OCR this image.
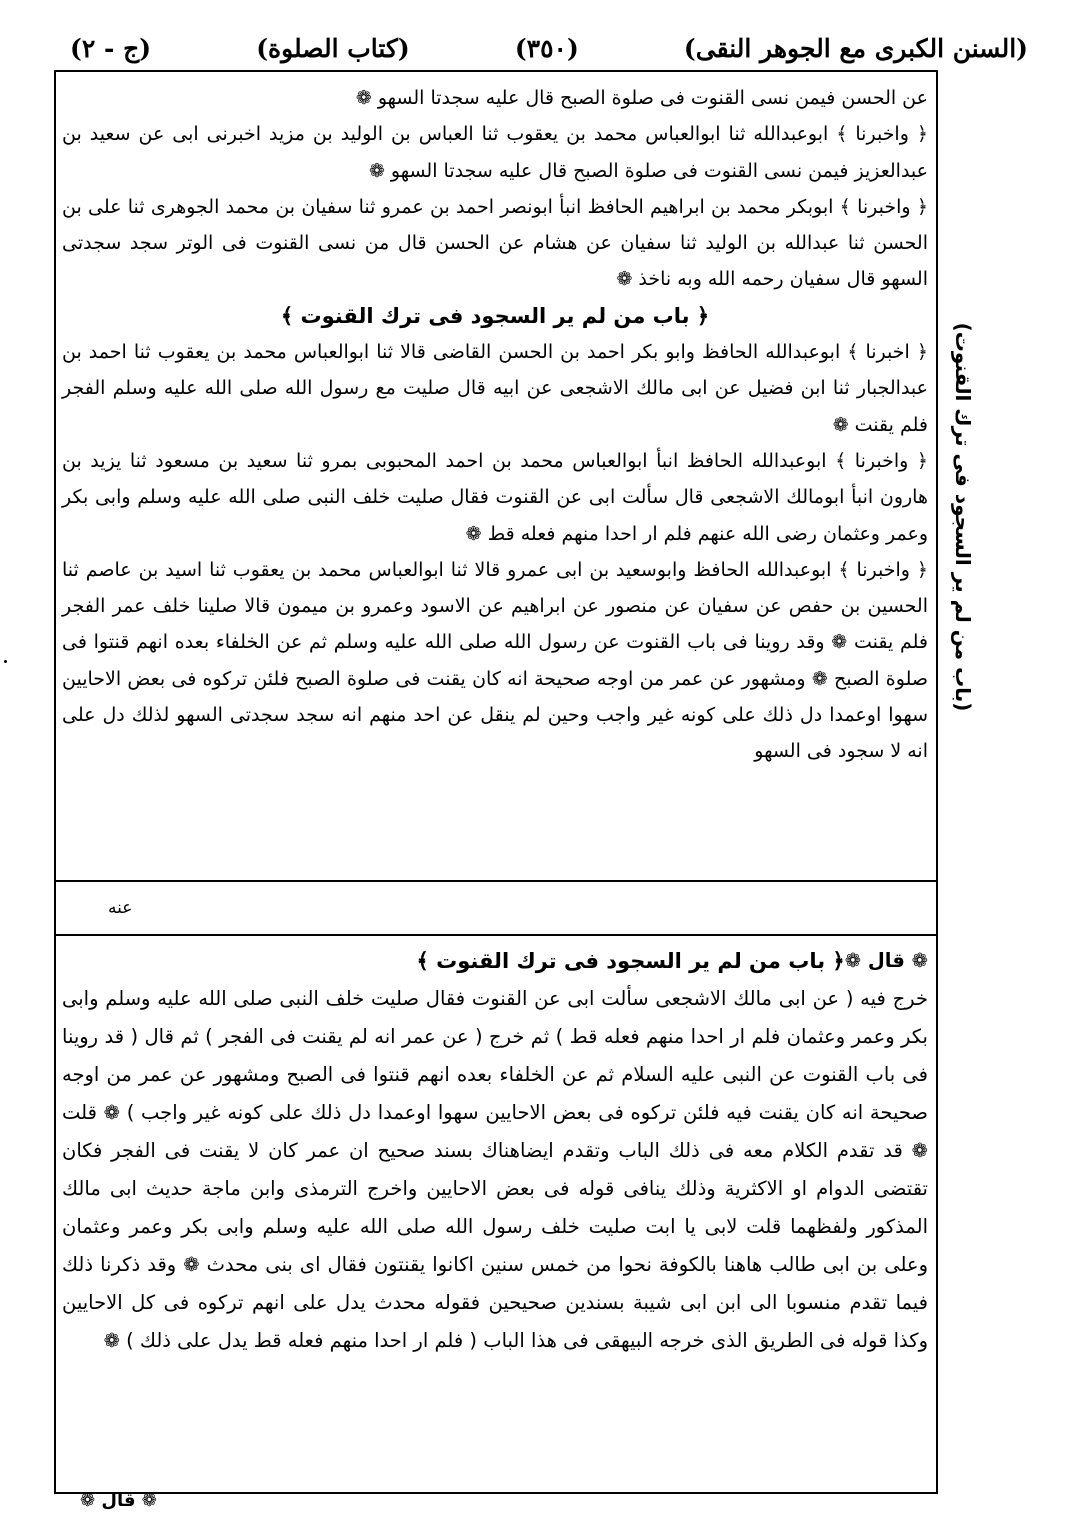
(السنن الكبرى مع الجوهر النقى)
(٣٥٠)
(كتاب الصلوة)
(ج - ٢)

عن الحسن فيمن نسى القنوت فى صلوة الصبح قال عليه سجدتا السهو ❁

﴿ واخبرنا ﴾ ابوعبدالله ثنا ابوالعباس محمد بن يعقوب ثنا العباس بن الوليد بن مزيد اخبرنى ابى عن سعيد بن عبدالعزيز فيمن نسى القنوت فى صلوة الصبح قال عليه سجدتا السهو ❁

﴿ واخبرنا ﴾ ابوبكر محمد بن ابراهيم الحافظ انبأ ابونصر احمد بن عمرو ثنا سفيان بن محمد الجوهرى ثنا على بن الحسن ثنا عبدالله بن الوليد ثنا سفيان عن هشام عن الحسن قال من نسى القنوت فى الوتر سجد سجدتى السهو قال سفيان رحمه الله وبه ناخذ ❁

﴿ باب من لم ير السجود فى ترك القنوت ﴾

﴿ اخبرنا ﴾ ابوعبدالله الحافظ وابو بكر احمد بن الحسن القاضى قالا ثنا ابوالعباس محمد بن يعقوب ثنا احمد بن عبدالجبار ثنا ابن فضيل عن ابى مالك الاشجعى عن ابيه قال صليت مع رسول الله صلى الله عليه وسلم الفجر فلم يقنت ❁

﴿ واخبرنا ﴾ ابوعبدالله الحافظ انبأ ابوالعباس محمد بن احمد المحبوبى بمرو ثنا سعيد بن مسعود ثنا يزيد بن هارون انبأ ابومالك الاشجعى قال سألت ابى عن القنوت فقال صليت خلف النبى صلى الله عليه وسلم وابى بكر وعمر وعثمان رضى الله عنهم فلم ار احدا منهم فعله قط ❁

﴿ واخبرنا ﴾ ابوعبدالله الحافظ وابوسعيد بن ابى عمرو قالا ثنا ابوالعباس محمد بن يعقوب ثنا اسيد بن عاصم ثنا الحسين بن حفص عن سفيان عن منصور عن ابراهيم عن الاسود وعمرو بن ميمون قالا صلينا خلف عمر الفجر فلم يقنت ❁ وقد روينا فى باب القنوت عن رسول الله صلى الله عليه وسلم ثم عن الخلفاء بعده انهم قنتوا فى صلوة الصبح ❁ ومشهور عن عمر من اوجه صحيحة انه كان يقنت فى صلوة الصبح فلئن تركوه فى بعض الاحايين سهوا اوعمدا دل ذلك على كونه غير واجب وحين لم ينقل عن احد منهم انه سجد سجدتى السهو لذلك دل على انه لا سجود فى السهو

عنه
❁ قال ❁
﴿ باب من لم ير السجود فى ترك القنوت ﴾

خرج فيه ( عن ابى مالك الاشجعى سألت ابى عن القنوت فقال صليت خلف النبى صلى الله عليه وسلم وابى بكر وعمر وعثمان فلم ار احدا منهم فعله قط ) ثم خرج ( عن عمر انه لم يقنت فى الفجر ) ثم قال ( قد روينا فى باب القنوت عن النبى عليه السلام ثم عن الخلفاء بعده انهم قنتوا فى الصبح ومشهور عن عمر من اوجه صحيحة انه كان يقنت فيه فلئن تركوه فى بعض الاحايين سهوا اوعمدا دل ذلك على كونه غير واجب ) ❁ قلت ❁ قد تقدم الكلام معه فى ذلك الباب وتقدم ايضاهناك بسند صحيح ان عمر كان لا يقنت فى الفجر فكان تقتضى الدوام او الاكثرية وذلك ينافى قوله فى بعض الاحايين واخرج الترمذى وابن ماجة حديث ابى مالك المذكور ولفظهما قلت لابى يا ابت صليت خلف رسول الله صلى الله عليه وسلم وابى بكر وعمر وعثمان وعلى بن ابى طالب هاهنا بالكوفة نحوا من خمس سنين اكانوا يقنتون فقال اى بنى محدث ❁ وقد ذكرنا ذلك فيما تقدم منسوبا الى ابن ابى شيبة بسندين صحيحين فقوله محدث يدل على انهم تركوه فى كل الاحايين وكذا قوله فى الطريق الذى خرجه البيهقى فى هذا الباب ( فلم ار احدا منهم فعله قط يدل على ذلك ) ❁

❁ قال ❁
(باب من لم ير السجود فى ترك القنوت)
